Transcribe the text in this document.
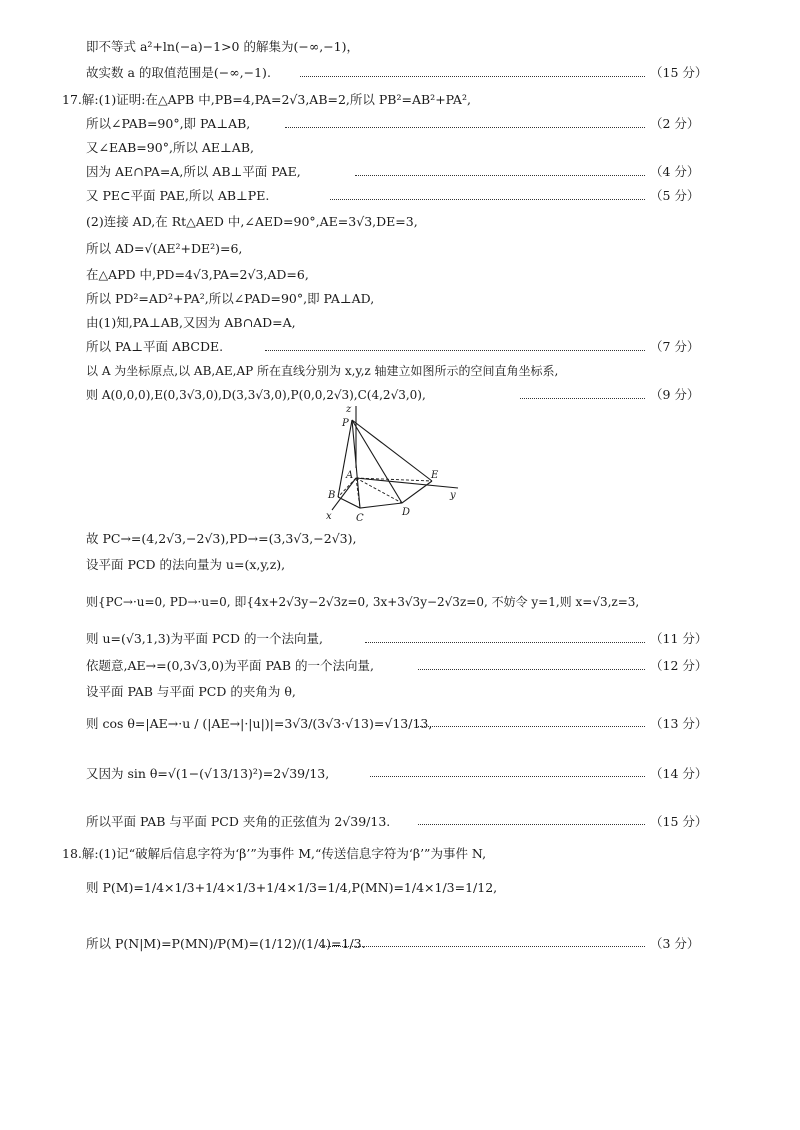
即不等式 a²+ln(−a)−1>0 的解集为(−∞,−1)，
故实数 a 的取值范围是(−∞,−1).	（15 分）
17.解:(1)证明:在△APB 中,PB=4,PA=2√3,AB=2,所以 PB²=AB²+PA²,
所以∠PAB=90°,即 PA⊥AB,	（2 分）
又∠EAB=90°,所以 AE⊥AB,
因为 AE∩PA=A,所以 AB⊥平面 PAE,	（4 分）
又 PE⊂平面 PAE,所以 AB⊥PE.	（5 分）
(2)连接 AD,在 Rt△AED 中,∠AED=90°,AE=3√3,DE=3,
所以 AD=√(AE²+DE²)=6,
在△APD 中,PD=4√3,PA=2√3,AD=6,
所以 PD²=AD²+PA²,所以∠PAD=90°,即 PA⊥AD,
由(1)知,PA⊥AB,又因为 AB∩AD=A,
所以 PA⊥平面 ABCDE.	（7 分）
以 A 为坐标原点,以 AB,AE,AP 所在直线分别为 x,y,z 轴建立如图所示的空间直角坐标系,
则 A(0,0,0),E(0,3√3,0),D(3,3√3,0),P(0,0,2√3),C(4,2√3,0),	（9 分）
z
P
A
B
C
D
E
x
y
故 PC→=(4,2√3,−2√3),PD→=(3,3√3,−2√3),
设平面 PCD 的法向量为 u=(x,y,z),
则{PC→·u=0, PD→·u=0, 即{4x+2√3y−2√3z=0, 3x+3√3y−2√3z=0, 不妨令 y=1,则 x=√3,z=3,
则 u=(√3,1,3)为平面 PCD 的一个法向量,	（11 分）
依题意,AE→=(0,3√3,0)为平面 PAB 的一个法向量,	（12 分）
设平面 PAB 与平面 PCD 的夹角为 θ,
则 cos θ=|AE→·u / (|AE→|·|u|)|=3√3/(3√3·√13)=√13/13,	（13 分）
又因为 sin θ=√(1−(√13/13)²)=2√39/13,	（14 分）
所以平面 PAB 与平面 PCD 夹角的正弦值为 2√39/13.	（15 分）
18.解:(1)记“破解后信息字符为‘β’”为事件 M,“传送信息字符为‘β’”为事件 N,
则 P(M)=1/4×1/3+1/4×1/3+1/4×1/3=1/4,P(MN)=1/4×1/3=1/12,
所以 P(N|M)=P(MN)/P(M)=(1/12)/(1/4)=1/3.	（3 分）
